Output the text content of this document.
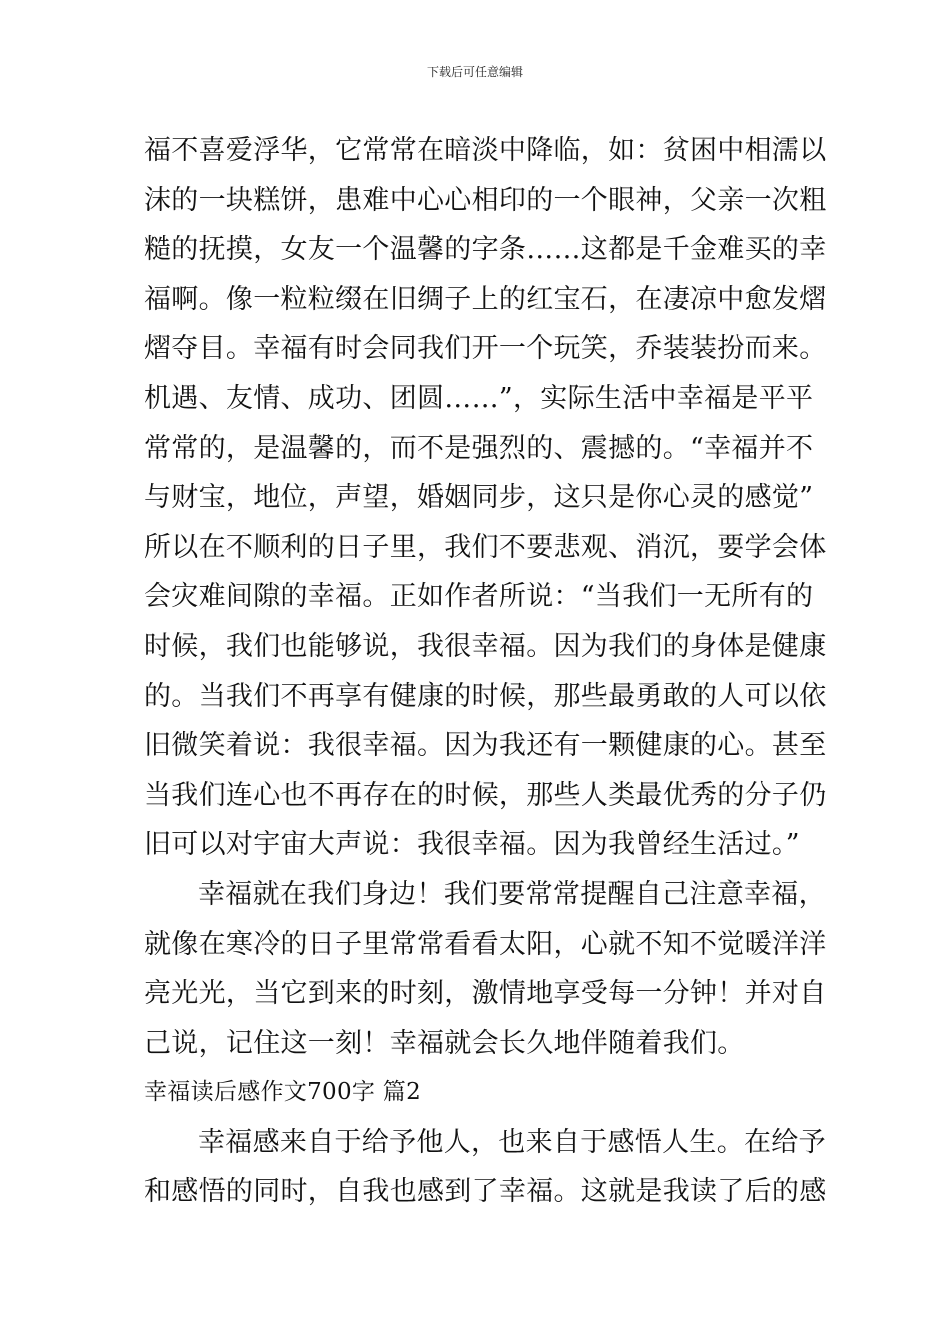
下载后可任意编辑
福不喜爱浮华，它常常在暗淡中降临，如：贫困中相濡以
沫的一块糕饼，患难中心心相印的一个眼神，父亲一次粗
糙的抚摸，女友一个温馨的字条……这都是千金难买的幸
福啊。像一粒粒缀在旧绸子上的红宝石，在凄凉中愈发熠
熠夺目。幸福有时会同我们开一个玩笑，乔装装扮而来。
机遇、友情、成功、团圆……”，实际生活中幸福是平平
常常的，是温馨的，而不是强烈的、震撼的。“幸福并不
与财宝，地位，声望，婚姻同步，这只是你心灵的感觉”
所以在不顺利的日子里，我们不要悲观、消沉，要学会体
会灾难间隙的幸福。正如作者所说：“当我们一无所有的
时候，我们也能够说，我很幸福。因为我们的身体是健康
的。当我们不再享有健康的时候，那些最勇敢的人可以依
旧微笑着说：我很幸福。因为我还有一颗健康的心。甚至
当我们连心也不再存在的时候，那些人类最优秀的分子仍
旧可以对宇宙大声说：我很幸福。因为我曾经生活过。”
幸福就在我们身边！我们要常常提醒自己注意幸福，
就像在寒冷的日子里常常看看太阳，心就不知不觉暖洋洋
亮光光，当它到来的时刻，激情地享受每一分钟！并对自
己说，记住这一刻！幸福就会长久地伴随着我们。
幸福读后感作文700字 篇2
幸福感来自于给予他人，也来自于感悟人生。在给予
和感悟的同时，自我也感到了幸福。这就是我读了后的感
